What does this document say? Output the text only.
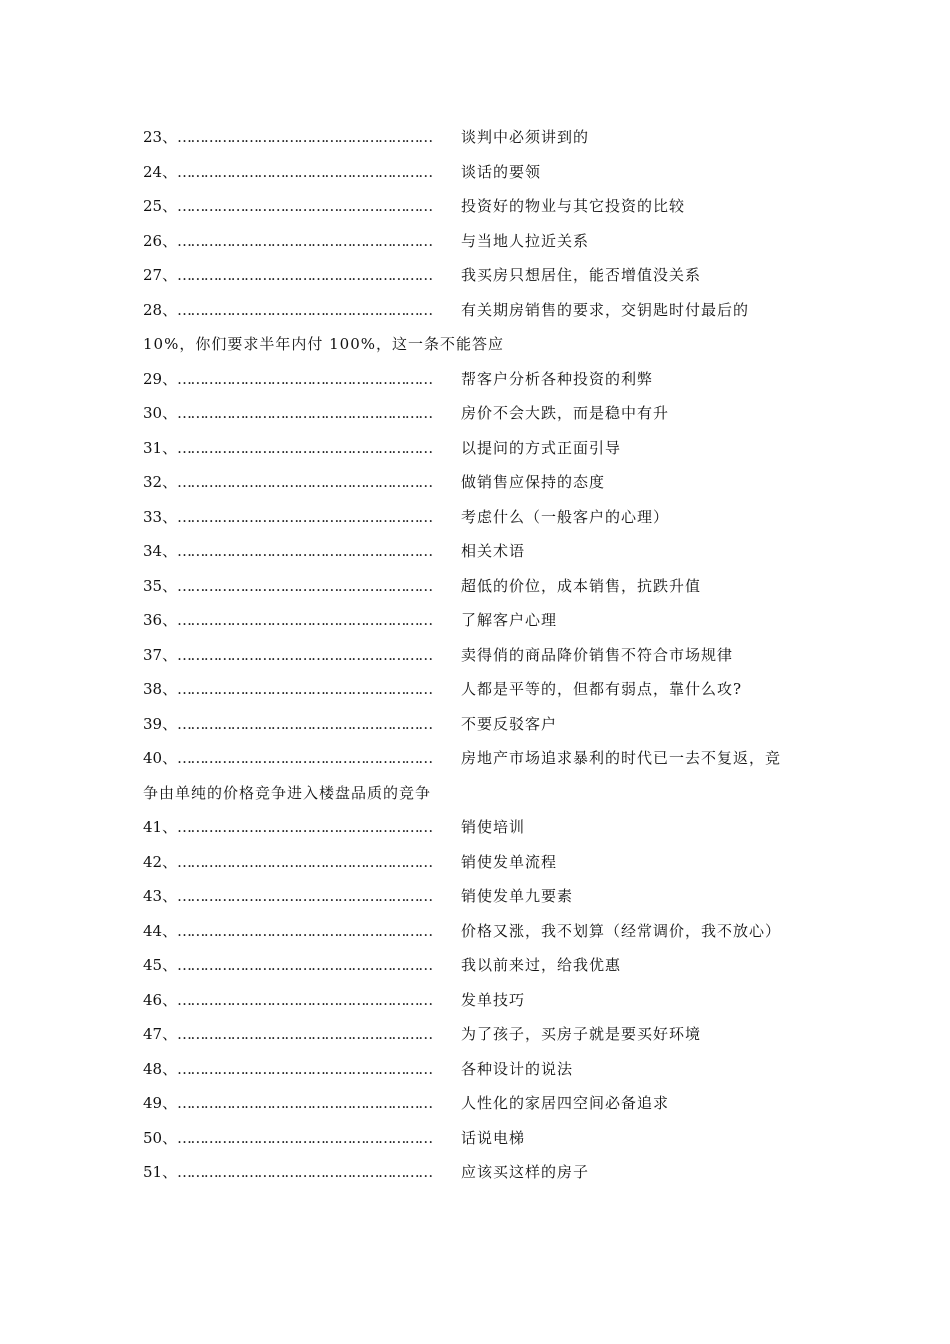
23、 …………………………………………………	谈判中必须讲到的
24、 …………………………………………………	谈话的要领
25、 …………………………………………………	投资好的物业与其它投资的比较
26、 …………………………………………………	与当地人拉近关系
27、 …………………………………………………	我买房只想居住，能否增值没关系
28、 …………………………………………………	有关期房销售的要求，交钥匙时付最后的
10%，你们要求半年内付 100%，这一条不能答应
29、 …………………………………………………	帮客户分析各种投资的利弊
30、 …………………………………………………	房价不会大跌，而是稳中有升
31、 …………………………………………………	以提问的方式正面引导
32、 …………………………………………………	做销售应保持的态度
33、 …………………………………………………	考虑什么（一般客户的心理）
34、 …………………………………………………	相关术语
35、 …………………………………………………	超低的价位，成本销售，抗跌升值
36、 …………………………………………………	了解客户心理
37、 …………………………………………………	卖得俏的商品降价销售不符合市场规律
38、 …………………………………………………	人都是平等的，但都有弱点，靠什么攻?
39、 …………………………………………………	不要反驳客户
40、 …………………………………………………	房地产市场追求暴利的时代已一去不复返，竞
争由单纯的价格竞争进入楼盘品质的竞争
41、 …………………………………………………	销使培训
42、 …………………………………………………	销使发单流程
43、 …………………………………………………	销使发单九要素
44、 …………………………………………………	价格又涨，我不划算（经常调价，我不放心）
45、 …………………………………………………	我以前来过，给我优惠
46、 …………………………………………………	发单技巧
47、 …………………………………………………	为了孩子，买房子就是要买好环境
48、 …………………………………………………	各种设计的说法
49、 …………………………………………………	人性化的家居四空间必备追求
50、 …………………………………………………	话说电梯
51、 …………………………………………………	应该买这样的房子
